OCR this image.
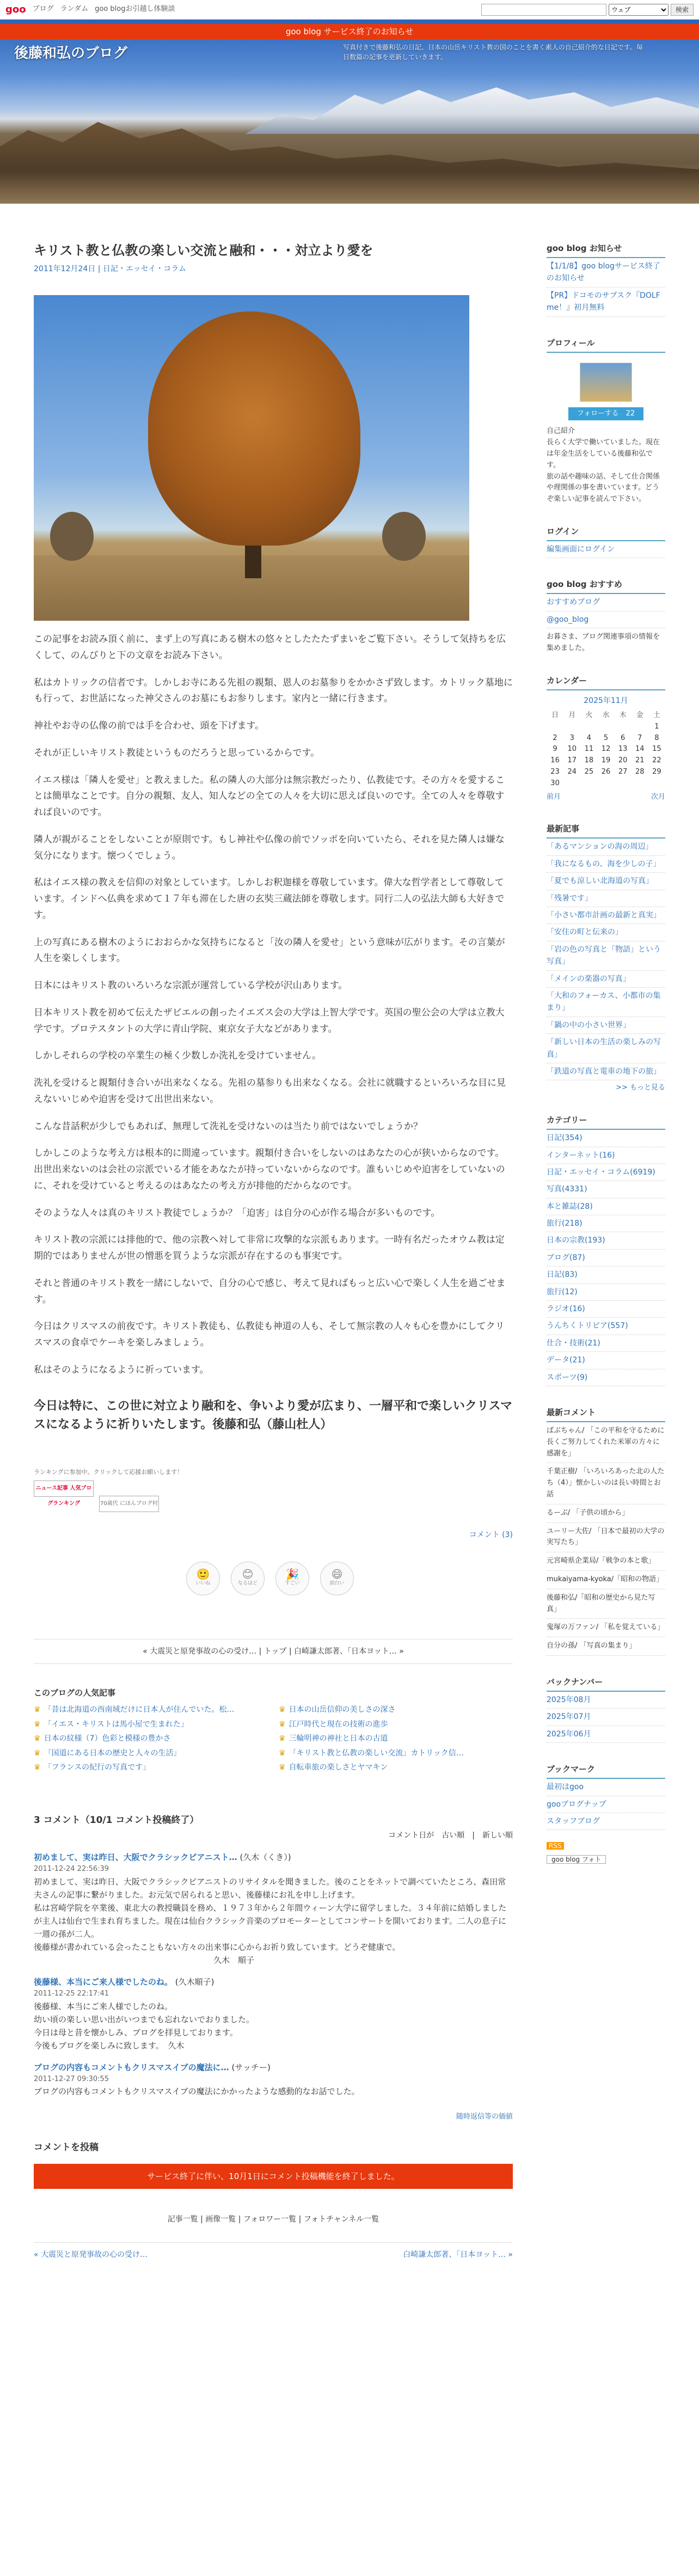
goo ブログ ランダム goo blogお引越し体験談
ウェブ	検索
goo blog サービス終了のお知らせ
後藤和弘のブログ	写真付きで後藤和弘の日記、日本の山岳キリスト教の国のことを書く素人の自己紹介的な日記です。毎日数篇の記事を更新していきます。
キリスト教と仏教の楽しい交流と融和・・・対立より愛を
2011年12月24日 | 日記・エッセイ・コラム

この記事をお読み頂く前に、まず上の写真にある樹木の悠々としたたたずまいをご覧下さい。そうして気持ちを広くして、のんびりと下の文章をお読み下さい。

私はカトリックの信者です。しかしお寺にある先祖の親類、恩人のお墓参りをかかさず致します。カトリック墓地にも行って、お世話になった神父さんのお墓にもお参りします。家内と一緒に行きます。

神社やお寺の仏像の前では手を合わせ、頭を下げます。

それが正しいキリスト教徒というものだろうと思っているからです。

イエス様は「隣人を愛せ」と教えました。私の隣人の大部分は無宗教だったり、仏教徒です。その方々を愛することは簡単なことです。自分の親類、友人、知人などの全ての人々を大切に思えば良いのです。全ての人々を尊敬すれば良いのです。

隣人が親がることをしないことが原則です。もし神社や仏像の前でソッポを向いていたら、それを見た隣人は嫌な気分になります。懐つくでしょう。

私はイエス様の教えを信仰の対象としています。しかしお釈迦様を尊敬しています。偉大な哲学者として尊敬しています。インドへ仏典を求めて１７年も滞在した唐の玄奘三蔵法師を尊敬します。同行二人の弘法大師も大好きです。

上の写真にある樹木のようにおおらかな気持ちになると「汝の隣人を愛せ」という意味が広がります。その言葉が人生を楽しくします。

日本にはキリスト教のいろいろな宗派が運営している学校が沢山あります。

日本キリスト教を初めて伝えたザビエルの創ったイエズス会の大学は上智大学です。英国の聖公会の大学は立教大学です。プロテスタントの大学に青山学院、東京女子大などがあります。

しかしそれらの学校の卒業生の極く少数しか洗礼を受けていません。

洗礼を受けると親類付き合いが出来なくなる。先祖の墓参りも出来なくなる。会社に就職するといろいろな目に見えないいじめや迫害を受けて出世出来ない。

こんな昔話釈が少しでもあれば、無理して洗礼を受けないのは当たり前ではないでしょうか？

しかしこのような考え方は根本的に間違っています。親類付き合いをしないのはあなたの心が狭いからなのです。出世出来ないのは会社の宗派でいる才能をあなたが持っていないからなのです。誰もいじめや迫害をしていないのに、それを受けていると考えるのはあなたの考え方が排他的だからなのです。

そのような人々は真のキリスト教徒でしょうか？「迫害」は自分の心が作る場合が多いものです。

キリスト教の宗派には排他的で、他の宗教へ対して非常に攻撃的な宗派もあります。一時有名だったオウム教は定期的ではありませんが世の憎悪を買うような宗派が存在するのも事実です。

それと普通のキリスト教を一緒にしないで、自分の心で感じ、考えて見ればもっと広い心で楽しく人生を過ごせます。

今日はクリスマスの前夜です。キリスト教徒も、仏教徒も神道の人も、そして無宗教の人々も心を豊かにしてクリスマスの食卓でケーキを楽しみましょう。

私はそのようになるように祈っています。

今日は特に、この世に対立より融和を、争いより愛が広まり、一層平和で楽しいクリスマスになるように祈りいたします。後藤和弘（藤山杜人）

ランキングに参加中。クリックして応援お願いします！
ニュース記事 人気ブログランキング	70歳代 にほんブログ村
コメント (3)
🙂
いいね
😊
なるほど
🎉
すごい
😄
面白い
« 大震災と原発事故の心の受け… | トップ | 白崎謙太郎著、「日本ヨット… »
このブログの人気記事
♛ 「昔は北海道の西南域だけに日本人が住んでいた。松…	♛ 日本の山岳信仰の美しさの深さ
♛ 「イエス・キリストは馬小屋で生まれた」	♛ 江戸時代と現在の技術の進歩
♛ 日本の紋様（7）色彩と模様の豊かさ	♛ 三輪明神の神社と日本の古道
♛ 「国道にある日本の歴史と人々の生活」	♛ 「キリスト教と仏教の楽しい交流」カトリック信…
♛ 「フランスの紀行の写真です」	♛ 自転車旅の楽しさとヤマキン
3 コメント（10/1 コメント投稿終了）
コメント日が　古い順　|　新しい順
初めまして、実は昨日、大阪でクラシックピアニスト… (久木（くき）)
2011-12-24 22:56:39
初めまして、実は昨日、大阪でクラシックピアニストのリサイタルを聞きました。後のことをネットで調べていたところ、森田常夫さんの記事に繋がりました。お元気で居られると思い、後藤様にお礼を申し上げます。
私は宮崎学院を卒業後、東北大の教授職員を務め、１９７３年から２年間ウィーン大学に留学しました。３４年前に結婚しましたが主人は仙台で生まれ育ちました。現在は仙台クラシック音楽のプロモーターとしてコンサートを開いております。二人の息子に一週の孫が二人。
後藤様が書かれている会ったこともない方々の出来事に心からお祈り致しています。どうぞ健康で。
　　　　　　　　　　　　　　　　　　　　　　久木　順子
後藤様、本当にご来人様でしたのね。 (久木順子)
2011-12-25 22:17:41
後藤様、本当にご来人様でしたのね。
幼い頃の楽しい思い出がいつまでも忘れないでおりました。
今日は母と昔を懐かしみ、ブログを拝見しております。
今後もブログを楽しみに致します。　久木
ブログの内容もコメントもクリスマスイブの魔法に… (サッチー)
2011-12-27 09:30:55
ブログの内容もコメントもクリスマスイブの魔法にかかったような感動的なお話でした。
随時返信等の価値
コメントを投稿
サービス終了に伴い、10月1日にコメント投稿機能を終了しました。
記事一覧 | 画像一覧 | フォロワー一覧 | フォトチャンネル一覧
« 大震災と原発事故の心の受け…	白崎謙太郎著、「日本ヨット… »
goo blog お知らせ
【1/1/8】goo blogサービス終了のお知らせ
【PR】ドコモのサブスク『DOLF me！』初月無料
プロフィール
フォローする　 22
自己紹介
長らく大学で働いていました。現在は年金生活をしている後藤和弘です。
旅の話や趣味の話、そして仕合関係や理関係の事を書いています。どうぞ楽しい記事を読んで下さい。
ログイン
編集画面にログイン
goo blog おすすめ
おすすめブログ
@goo_blog
お暮さま、ブログ関連事項の情報を集めました。
カレンダー
2025年11月
日	月	火	水	木	金	土
						1
2	3	4	5	6	7	8
9	10	11	12	13	14	15
16	17	18	19	20	21	22
23	24	25	26	27	28	29
30						
前月	次月
最新記事
「あるマンションの海の周辺」
「我になるもの、海を少しの子」
「夏でも涼しい北海道の写真」
「残暑です」
「小さい都市計画の最新と真実」
「安住の町と伝来の」
「岩の色の写真と「物語」という写真」
「メインの楽器の写真」
「大和のフォーカス、小都市の集まり」
「鍋の中の小さい世界」
「新しい日本の生活の楽しみの写真」
「鉄道の写真と電車の地下の旅」
>> もっと見る
カテゴリー
日記(354)
インターネット(16)
日記・エッセイ・コラム(6919)
写真(4331)
本と雑誌(28)
旅行(218)
日本の宗教(193)
ブログ(87)
日記(83)
旅行(12)
ラジオ(16)
うんちくトリビア(557)
仕合・技術(21)
データ(21)
スポーツ(9)
最新コメント
ばぶちゃん/ 「この平和を守るために長くご努力してくれた米軍の方々に感謝を」
千葉正樹/ 「いろいろあった北の人たち（4）」懐かしいのは長い時間とお話
るーぶ/ 「子供の頃から」
ユーリー大佐/ 「日本で最初の大学の実写たち」
元宮崎県企業局/「戦争の本と歌」
mukaiyama-kyoka/「昭和の物語」
後藤和弘/「昭和の歴史から見た写真」
鬼塚の万ファン/ 「私を覚えている」
自分の孫/ 「写真の集まり」
バックナンバー
2025年08月
2025年07月
2025年06月
ブックマーク
最初はgoo
gooブログナップ
スタッフブログ
RSS
goo blog フォト
